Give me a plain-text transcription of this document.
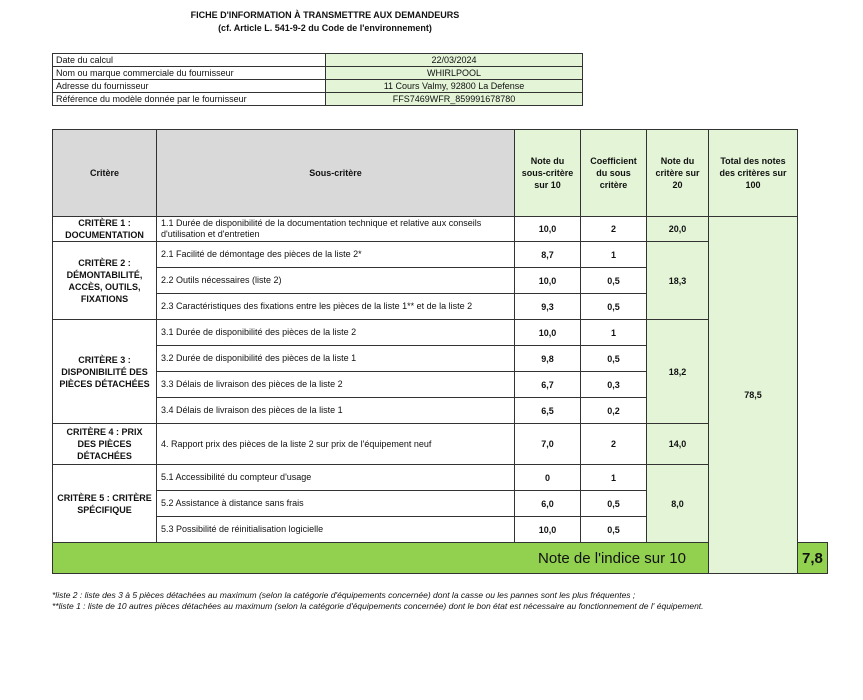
FICHE D'INFORMATION À TRANSMETTRE AUX DEMANDEURS
(cf. Article L. 541-9-2 du Code de l'environnement)
Date du calcul	22/03/2024
Nom ou marque commerciale du fournisseur	WHIRLPOOL
Adresse du fournisseur	11 Cours Valmy, 92800 La Defense
Référence du modèle donnée par le fournisseur	FFS7469WFR_859991678780
Critère	Sous-critère	Note du sous-critère sur 10	Coefficient du sous critère	Note du critère sur 20	Total des notes des critères sur 100	
CRITÈRE 1 : DOCUMENTATION	1.1 Durée de disponibilité de la documentation technique et relative aux conseils d'utilisation et d'entretien	10,0	2	20,0	78,5	
CRITÈRE 2 : DÉMONTABILITÉ, ACCÈS, OUTILS, FIXATIONS	2.1 Facilité de démontage des pièces de la liste 2*	8,7	1	18,3		
	2.2 Outils nécessaires (liste 2)	10,0	0,5			
	2.3 Caractéristiques des fixations entre les pièces de la liste 1** et de la liste 2	9,3	0,5			
CRITÈRE 3 : DISPONIBILITÉ DES PIÈCES DÉTACHÉES	3.1 Durée de disponibilité des pièces de la liste 2	10,0	1	18,2		
	3.2 Durée de disponibilité des pièces de la liste 1	9,8	0,5			
	3.3 Délais de livraison des pièces de la liste 2	6,7	0,3			
	3.4 Délais de livraison des pièces de la liste 1	6,5	0,2			
CRITÈRE 4 : PRIX DES PIÈCES DÉTACHÉES	4. Rapport prix des pièces de la liste 2 sur prix de l'équipement neuf	7,0	2	14,0		
CRITÈRE 5 : CRITÈRE SPÉCIFIQUE	5.1 Accessibilité du compteur d'usage	0	1	8,0		
	5.2 Assistance à distance sans frais	6,0	0,5			
	5.3 Possibilité de réinitialisation logicielle	10,0	0,5			
Note de l'indice sur 10						7,8
*liste 2 : liste des 3 à 5 pièces détachées au maximum (selon la catégorie d'équipements concernée) dont la casse ou les pannes sont les plus fréquentes ;
**liste 1 : liste de 10 autres pièces détachées au maximum (selon la catégorie d'équipements concernée) dont le bon état est nécessaire au fonctionnement de l' équipement.
